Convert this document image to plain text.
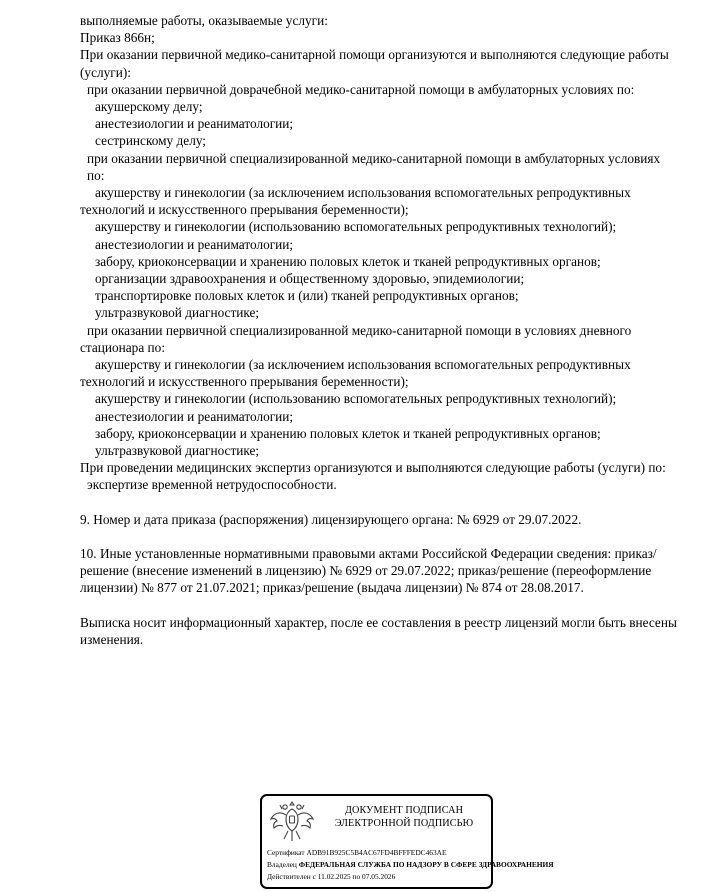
выполняемые работы, оказываемые услуги:

Приказ 866н;

При оказании первичной медико-санитарной помощи организуются и выполняются следующие работы (услуги):

при оказании первичной доврачебной медико-санитарной помощи в амбулаторных условиях по:

акушерскому делу;

анестезиологии и реаниматологии;

сестринскому делу;

при оказании первичной специализированной медико-санитарной помощи в амбулаторных условиях по:

акушерству и гинекологии (за исключением использования вспомогательных репродуктивных технологий и искусственного прерывания беременности);

акушерству и гинекологии (использованию вспомогательных репродуктивных технологий);

анестезиологии и реаниматологии;

забору, криоконсервации и хранению половых клеток и тканей репродуктивных органов;

организации здравоохранения и общественному здоровью, эпидемиологии;

транспортировке половых клеток и (или) тканей репродуктивных органов;

ультразвуковой диагностике;

при оказании первичной специализированной медико-санитарной помощи в условиях дневного стационара по:

акушерству и гинекологии (за исключением использования вспомогательных репродуктивных технологий и искусственного прерывания беременности);

акушерству и гинекологии (использованию вспомогательных репродуктивных технологий);

анестезиологии и реаниматологии;

забору, криоконсервации и хранению половых клеток и тканей репродуктивных органов;

ультразвуковой диагностике;

При проведении медицинских экспертиз организуются и выполняются следующие работы (услуги) по:

экспертизе временной нетрудоспособности.

9. Номер и дата приказа (распоряжения) лицензирующего органа: № 6929 от 29.07.2022.

10. Иные установленные нормативными правовыми актами Российской Федерации сведения: приказ/решение (внесение изменений в лицензию) № 6929 от 29.07.2022; приказ/решение (переоформление лицензии) № 877 от 21.07.2021; приказ/решение (выдача лицензии) № 874 от 28.08.2017.

Выписка носит информационный характер, после ее составления в реестр лицензий могли быть внесены изменения.

ДОКУМЕНТ ПОДПИСАН
ЭЛЕКТРОННОЙ ПОДПИСЬЮ
Сертификат ADB91B925C5B4AC67FD4BFFFEDC463AE
Владелец ФЕДЕРАЛЬНАЯ СЛУЖБА ПО НАДЗОРУ В СФЕРЕ ЗДРАВООХРАНЕНИЯ
Действителен с 11.02.2025 по 07.05.2026
